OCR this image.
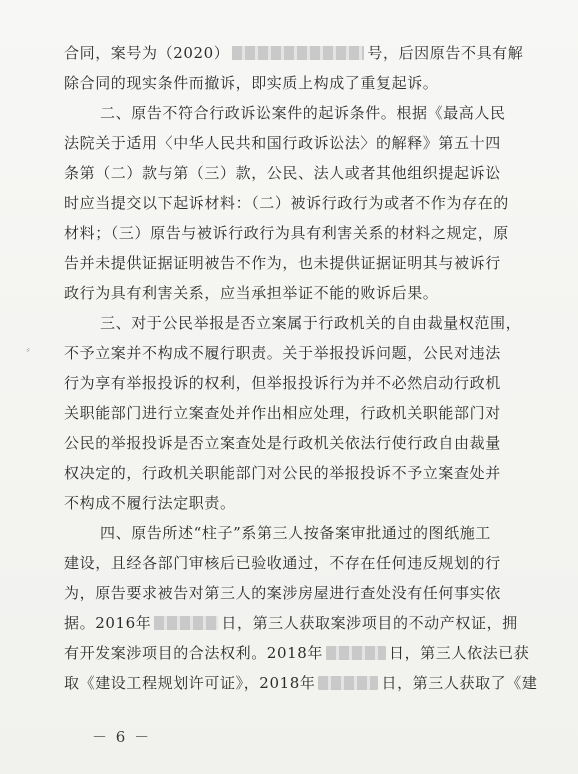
⸗
合同，案号为（2020）	号，后因原告不具有解
除合同的现实条件而撤诉，即实质上构成了重复起诉。
二、原告不符合行政诉讼案件的起诉条件。根据《最高人民
法院关于适用〈中华人民共和国行政诉讼法〉的解释》第五十四
条第（二）款与第（三）款，公民、法人或者其他组织提起诉讼
时应当提交以下起诉材料：（二）被诉行政行为或者不作为存在的
材料；（三）原告与被诉行政行为具有利害关系的材料之规定，原
告并未提供证据证明被告不作为，也未提供证据证明其与被诉行
政行为具有利害关系，应当承担举证不能的败诉后果。
三、对于公民举报是否立案属于行政机关的自由裁量权范围，
不予立案并不构成不履行职责。关于举报投诉问题，公民对违法
行为享有举报投诉的权利，但举报投诉行为并不必然启动行政机
关职能部门进行立案查处并作出相应处理，行政机关职能部门对
公民的举报投诉是否立案查处是行政机关依法行使行政自由裁量
权决定的，行政机关职能部门对公民的举报投诉不予立案查处并
不构成不履行法定职责。
四、原告所述“柱子”系第三人按备案审批通过的图纸施工
建设，且经各部门审核后已验收通过，不存在任何违反规划的行
为，原告要求被告对第三人的案涉房屋进行查处没有任何事实依
据。2016年	日，第三人获取案涉项目的不动产权证，拥
有开发案涉项目的合法权利。2018年	日，第三人依法已获
取《建设工程规划许可证》，2018年	日，第三人获取了《建
－ 6 －
